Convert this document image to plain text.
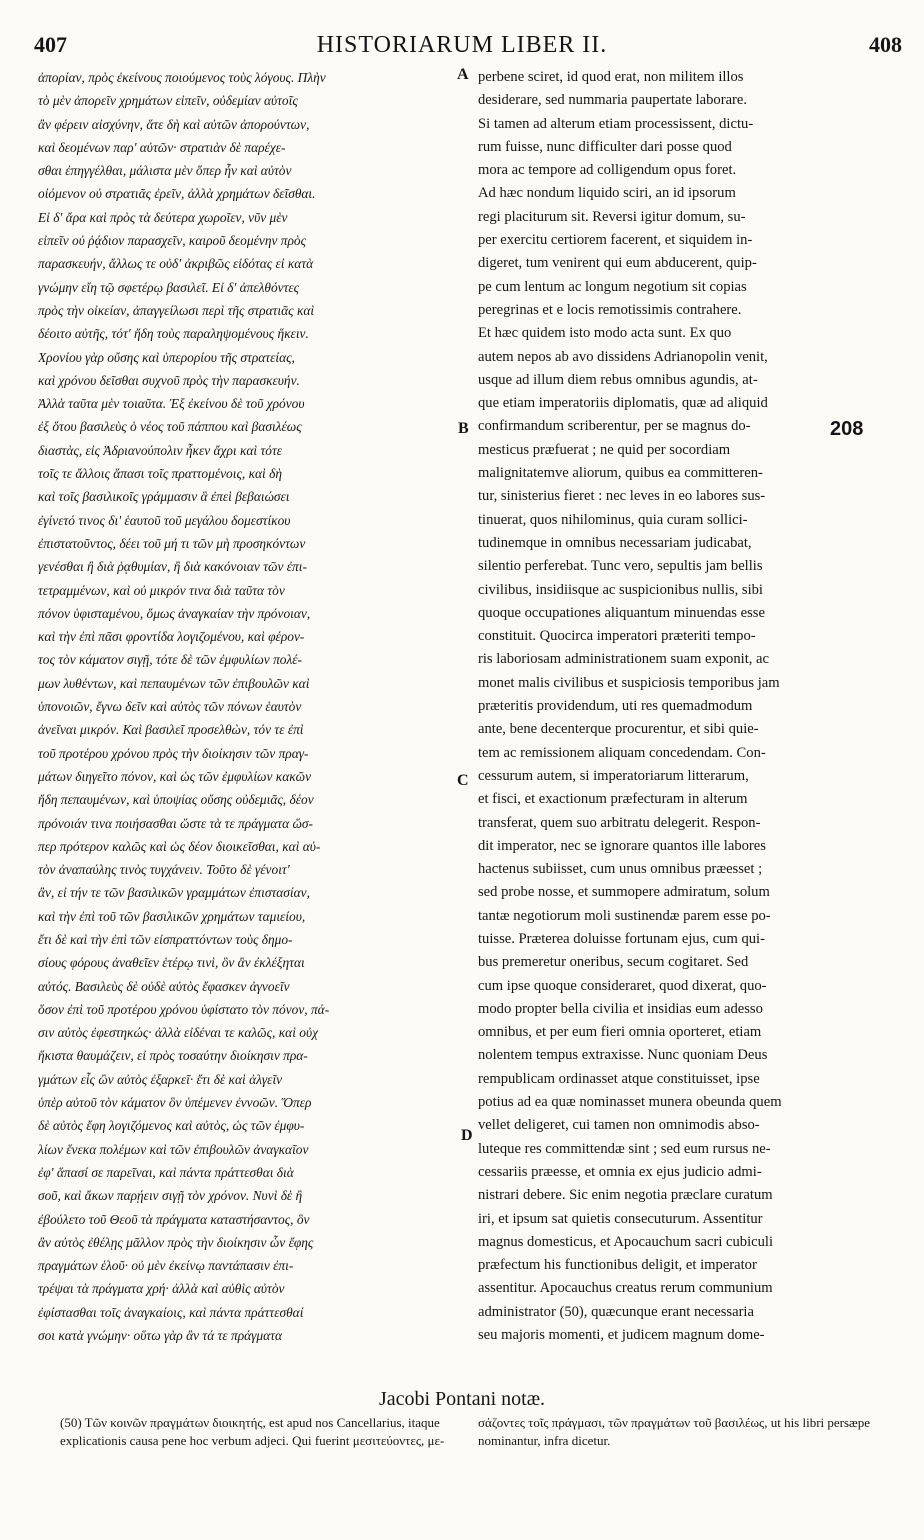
407	HISTORIARUM LIBER II.	408
ἀπορίαν, πρὸς ἐκείνους ποιούμενος τοὺς λόγους. Πλὴν
τὸ μὲν ἀπορεῖν χρημάτων εἰπεῖν, οὐδεμίαν αὐτοῖς
ἂν φέρειν αἰσχύνην, ἅτε δὴ καὶ αὐτῶν ἀπορούντων,
καὶ δεομένων παρ' αὐτῶν· στρατιὰν δὲ παρέχε-
σθαι ἐπηγγέλθαι, μάλιστα μὲν ὅπερ ἦν καὶ αὐτὸν
οἰόμενον οὐ στρατιᾶς ἐρεῖν, ἀλλὰ χρημάτων δεῖσθαι.
Εἰ δ' ἄρα καὶ πρὸς τὰ δεύτερα χωροῖεν, νῦν μὲν
εἰπεῖν οὐ ῥᾴδιον παρασχεῖν, καιροῦ δεομένην πρὸς
παρασκευήν, ἄλλως τε οὐδ' ἀκριβῶς εἰδότας εἰ κατὰ
γνώμην εἴη τῷ σφετέρῳ βασιλεῖ. Εἰ δ' ἀπελθόντες
πρὸς τὴν οἰκείαν, ἀπαγγείλωσι περὶ τῆς στρατιᾶς καὶ
δέοιτο αὐτῆς, τότ' ἤδη τοὺς παραληψομένους ἥκειν.
Χρονίου γὰρ οὔσης καὶ ὑπερορίου τῆς στρατείας,
καὶ χρόνου δεῖσθαι συχνοῦ πρὸς τὴν παρασκευήν.
Ἀλλὰ ταῦτα μὲν τοιαῦτα. Ἐξ ἐκείνου δὲ τοῦ χρόνου
ἐξ ὅτου βασιλεὺς ὁ νέος τοῦ πάππου καὶ βασιλέως
διαστὰς, εἰς Ἀδριανούπολιν ἦκεν ἄχρι καὶ τότε
τοῖς τε ἄλλοις ἅπασι τοῖς πραττομένοις, καὶ δὴ
καὶ τοῖς βασιλικοῖς γράμμασιν ἃ ἐπεὶ βεβαιώσει
ἐγίνετό τινος δι' ἑαυτοῦ τοῦ μεγάλου δομεστίκου
ἐπιστατοῦντος, δέει τοῦ μή τι τῶν μὴ προσηκόντων
γενέσθαι ἢ διὰ ῥᾳθυμίαν, ἢ διὰ κακόνοιαν τῶν ἐπι-
τετραμμένων, καὶ οὐ μικρόν τινα διὰ ταῦτα τὸν
πόνον ὑφισταμένου, ὅμως ἀναγκαίαν τὴν πρόνοιαν,
καὶ τὴν ἐπὶ πᾶσι φροντίδα λογιζομένου, καὶ φέρον-
τος τὸν κάματον σιγῇ, τότε δὲ τῶν ἐμφυλίων πολέ-
μων λυθέντων, καὶ πεπαυμένων τῶν ἐπιβουλῶν καὶ
ὑπονοιῶν, ἔγνω δεῖν καὶ αὐτὸς τῶν πόνων ἑαυτὸν
ἀνεῖναι μικρόν. Καὶ βασιλεῖ προσελθὼν, τόν τε ἐπὶ
τοῦ προτέρου χρόνου πρὸς τὴν διοίκησιν τῶν πραγ-
μάτων διηγεῖτο πόνον, καὶ ὡς τῶν ἐμφυλίων κακῶν
ἤδη πεπαυμένων, καὶ ὑποψίας οὔσης οὐδεμιᾶς, δέον
πρόνοιάν τινα ποιήσασθαι ὥστε τὰ τε πράγματα ὥσ-
περ πρότερον καλῶς καὶ ὡς δέον διοικεῖσθαι, καὶ αὐ-
τὸν ἀναπαύλης τινὸς τυγχάνειν. Τοῦτο δὲ γένοιτ'
ἂν, εἰ τήν τε τῶν βασιλικῶν γραμμάτων ἐπιστασίαν,
καὶ τὴν ἐπὶ τοῦ τῶν βασιλικῶν χρημάτων ταμιείου,
ἔτι δὲ καὶ τὴν ἐπὶ τῶν εἰσπραττόντων τοὺς δημο-
σίους φόρους ἀναθεῖεν ἑτέρῳ τινὶ, ὃν ἂν ἐκλέξηται
αὐτός. Βασιλεὺς δὲ οὐδὲ αὐτὸς ἔφασκεν ἀγνοεῖν
ὅσον ἐπὶ τοῦ προτέρου χρόνου ὑφίστατο τὸν πόνον, πά-
σιν αὐτὸς ἐφεστηκώς· ἀλλὰ εἰδέναι τε καλῶς, καὶ οὐχ
ἥκιστα θαυμάζειν, εἰ πρὸς τοσαύτην διοίκησιν πρα-
γμάτων εἷς ὢν αὐτὸς ἐξαρκεῖ· ἔτι δὲ καὶ ἀλγεῖν
ὑπὲρ αὐτοῦ τὸν κάματον ὃν ὑπέμενεν ἐννοῶν. Ὅπερ
δὲ αὐτὸς ἔφη λογιζόμενος καὶ αὐτὸς, ὡς τῶν ἐμφυ-
λίων ἕνεκα πολέμων καὶ τῶν ἐπιβουλῶν ἀναγκαῖον
ἐφ' ἅπασί σε παρεῖναι, καὶ πάντα πράττεσθαι διὰ
σοῦ, καὶ ἄκων παρῄειν σιγῇ τὸν χρόνον. Νυνὶ δὲ ἢ
ἐβούλετο τοῦ Θεοῦ τὰ πράγματα καταστήσαντος, ὃν
ἂν αὐτὸς ἐθέλῃς μᾶλλον πρὸς τὴν διοίκησιν ὧν ἔφης
πραγμάτων ἑλοῦ· οὐ μὲν ἐκείνῳ παντάπασιν ἐπι-
τρέψαι τὰ πράγματα χρή· ἀλλὰ καὶ αὐθὶς αὐτὸν
ἐφίστασθαι τοῖς ἀναγκαίοις, καὶ πάντα πράττεσθαί
σοι κατὰ γνώμην· οὕτω γὰρ ἂν τά τε πράγματα
perbene sciret, id quod erat, non militem illos
desiderare, sed nummaria paupertate laborare.
Si tamen ad alterum etiam processissent, dictu-
rum fuisse, nunc difficulter dari posse quod
mora ac tempore ad colligendum opus foret.
Ad hæc nondum liquido sciri, an id ipsorum
regi placiturum sit. Reversi igitur domum, su-
per exercitu certiorem facerent, et siquidem in-
digeret, tum venirent qui eum abducerent, quip-
pe cum lentum ac longum negotium sit copias
peregrinas et e locis remotissimis contrahere.
Et hæc quidem isto modo acta sunt. Ex quo
autem nepos ab avo dissidens Adrianopolin venit,
usque ad illum diem rebus omnibus agundis, at-
que etiam imperatoriis diplomatis, quæ ad aliquid
confirmandum scriberentur, per se magnus do-
mesticus præfuerat ; ne quid per socordiam
malignitatemve aliorum, quibus ea committeren-
tur, sinisterius fieret : nec leves in eo labores sus-
tinuerat, quos nihilominus, quia curam sollici-
tudinemque in omnibus necessariam judicabat,
silentio perferebat. Tunc vero, sepultis jam bellis
civilibus, insidiisque ac suspicionibus nullis, sibi
quoque occupationes aliquantum minuendas esse
constituit. Quocirca imperatori præteriti tempo-
ris laboriosam administrationem suam exponit, ac
monet malis civilibus et suspiciosis temporibus jam
præteritis providendum, uti res quemadmodum
ante, bene decenterque procurentur, et sibi quie-
tem ac remissionem aliquam concedendam. Con-
cessurum autem, si imperatoriarum litterarum,
et fisci, et exactionum præfecturam in alterum
transferat, quem suo arbitratu delegerit. Respon-
dit imperator, nec se ignorare quantos ille labores
hactenus subiisset, cum unus omnibus præesset ;
sed probe nosse, et summopere admiratum, solum
tantæ negotiorum moli sustinendæ parem esse po-
tuisse. Præterea doluisse fortunam ejus, cum qui-
bus premeretur oneribus, secum cogitaret. Sed
cum ipse quoque consideraret, quod dixerat, quo-
modo propter bella civilia et insidias eum adesso
omnibus, et per eum fieri omnia oporteret, etiam
nolentem tempus extraxisse. Nunc quoniam Deus
rempublicam ordinasset atque constituisset, ipse
potius ad ea quæ nominasset munera obeunda quem
vellet deligeret, cui tamen non omnimodis abso-
luteque res committendæ sint ; sed eum rursus ne-
cessariis præesse, et omnia ex ejus judicio admi-
nistrari debere. Sic enim negotia præclare curatum
iri, et ipsum sat quietis consecuturum. Assentitur
magnus domesticus, et Apocauchum sacri cubiculi
præfectum his functionibus deligit, et imperator
assentitur. Apocauchus creatus rerum communium
administrator (50), quæcunque erant necessaria
seu majoris momenti, et judicem magnum dome-
A
B
C
D
208
Jacobi Pontani notæ.
(50) Τῶν κοινῶν πραγμάτων διοικητής, est apud nos Cancellarius, itaque explicationis causa pene hoc verbum adjeci. Qui fuerint μεσιτεύοντες, με-
σάζοντες τοῖς πράγμασι, τῶν πραγμάτων τοῦ βασιλέως, ut his libri persæpe nominantur, infra dicetur.
